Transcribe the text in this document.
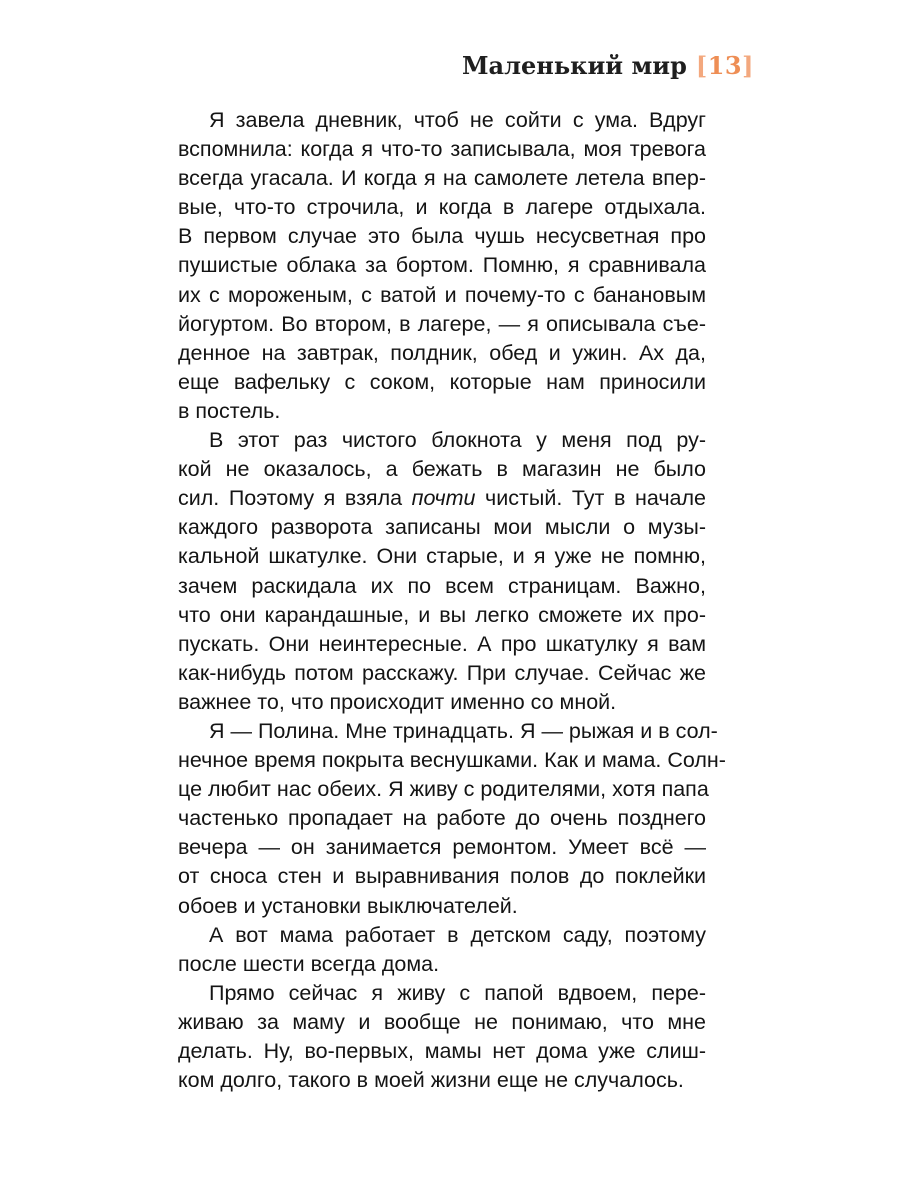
Маленький мир [13]
Я завела дневник, чтоб не сойти с ума. Вдруг
вспомнила: когда я что-то записывала, моя тревога
всегда угасала. И когда я на самолете летела впер-
вые, что-то строчила, и когда в лагере отдыхала.
В первом случае это была чушь несусветная про
пушистые облака за бортом. Помню, я сравнивала
их с мороженым, с ватой и почему-то с банановым
йогуртом. Во втором, в лагере, — я описывала съе-
денное на завтрак, полдник, обед и ужин. Ах да,
еще вафельку с соком, которые нам приносили
в постель.
В этот раз чистого блокнота у меня под ру-
кой не оказалось, а бежать в магазин не было
сил. Поэтому я взяла почти чистый. Тут в начале
каждого разворота записаны мои мысли о музы-
кальной шкатулке. Они старые, и я уже не помню,
зачем раскидала их по всем страницам. Важно,
что они карандашные, и вы легко сможете их про-
пускать. Они неинтересные. А про шкатулку я вам
как-нибудь потом расскажу. При случае. Сейчас же
важнее то, что происходит именно со мной.
Я — Полина. Мне тринадцать. Я — рыжая и в сол-
нечное время покрыта веснушками. Как и мама. Солн-
це любит нас обеих. Я живу с родителями, хотя папа
частенько пропадает на работе до очень позднего
вечера — он занимается ремонтом. Умеет всё —
от сноса стен и выравнивания полов до поклейки
обоев и установки выключателей.
А вот мама работает в детском саду, поэтому
после шести всегда дома.
Прямо сейчас я живу с папой вдвоем, пере-
живаю за маму и вообще не понимаю, что мне
делать. Ну, во-первых, мамы нет дома уже слиш-
ком долго, такого в моей жизни еще не случалось.
